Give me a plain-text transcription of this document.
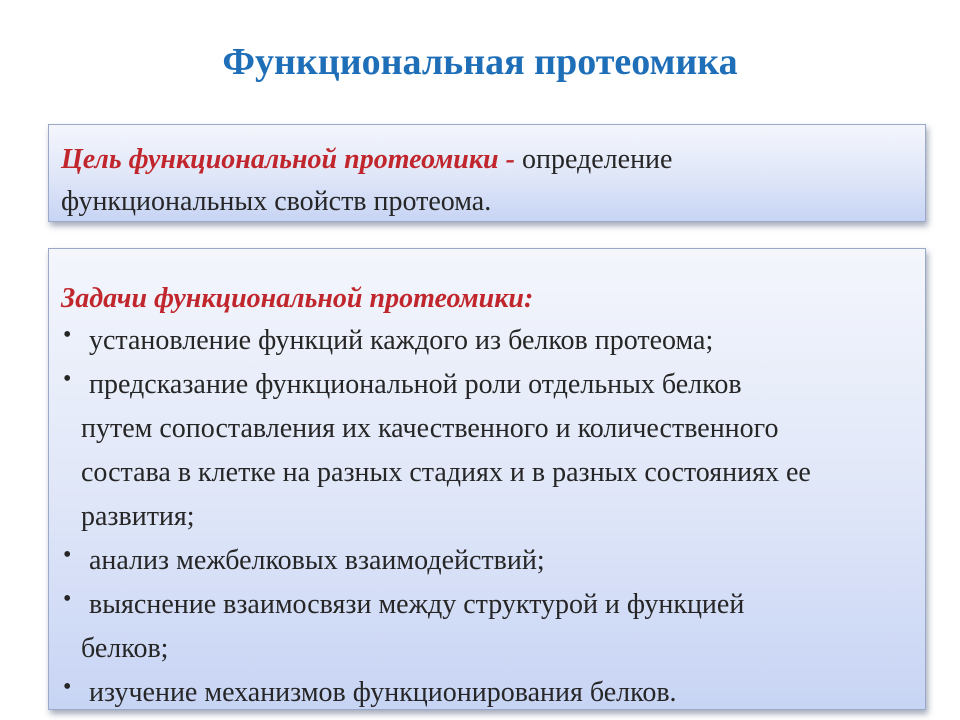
Функциональная протеомика
Цель функциональной протеомики - определение
функциональных свойств протеома.
Задачи функциональной протеомики:
• установление функций каждого из белков протеома;
• предсказание функциональной роли отдельных белков
путем сопоставления их качественного и количественного
состава в клетке на разных стадиях и в разных состояниях ее
развития;
• анализ межбелковых взаимодействий;
• выяснение взаимосвязи между структурой и функцией
белков;
• изучение механизмов функционирования белков.
